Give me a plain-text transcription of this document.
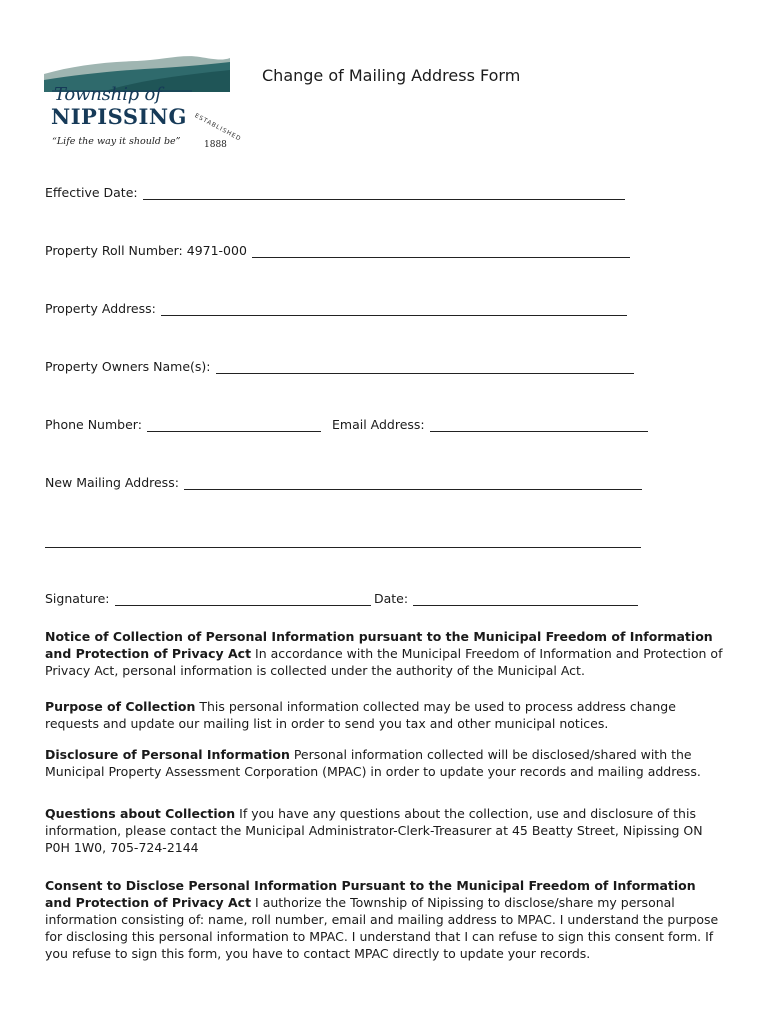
Township of
NIPISSING
“Life the way it should be” ESTABLISHED
1888
Change of Mailing Address Form
Effective Date:
Property Roll Number: 4971-000
Property Address:
Property Owners Name(s):
Phone Number:	Email Address:
New Mailing Address:
Signature:	Date:
Notice of Collection of Personal Information pursuant to the Municipal Freedom of Information and Protection of Privacy Act In accordance with the Municipal Freedom of Information and Protection of Privacy Act, personal information is collected under the authority of the Municipal Act.
Purpose of Collection This personal information collected may be used to process address change requests and update our mailing list in order to send you tax and other municipal notices.
Disclosure of Personal Information Personal information collected will be disclosed/shared with the Municipal Property Assessment Corporation (MPAC) in order to update your records and mailing address.
Questions about Collection If you have any questions about the collection, use and disclosure of this information, please contact the Municipal Administrator-Clerk-Treasurer at 45 Beatty Street, Nipissing ON P0H 1W0, 705-724-2144
Consent to Disclose Personal Information Pursuant to the Municipal Freedom of Information and Protection of Privacy Act I authorize the Township of Nipissing to disclose/share my personal information consisting of: name, roll number, email and mailing address to MPAC. I understand the purpose for disclosing this personal information to MPAC. I understand that I can refuse to sign this consent form. If you refuse to sign this form, you have to contact MPAC directly to update your records.
